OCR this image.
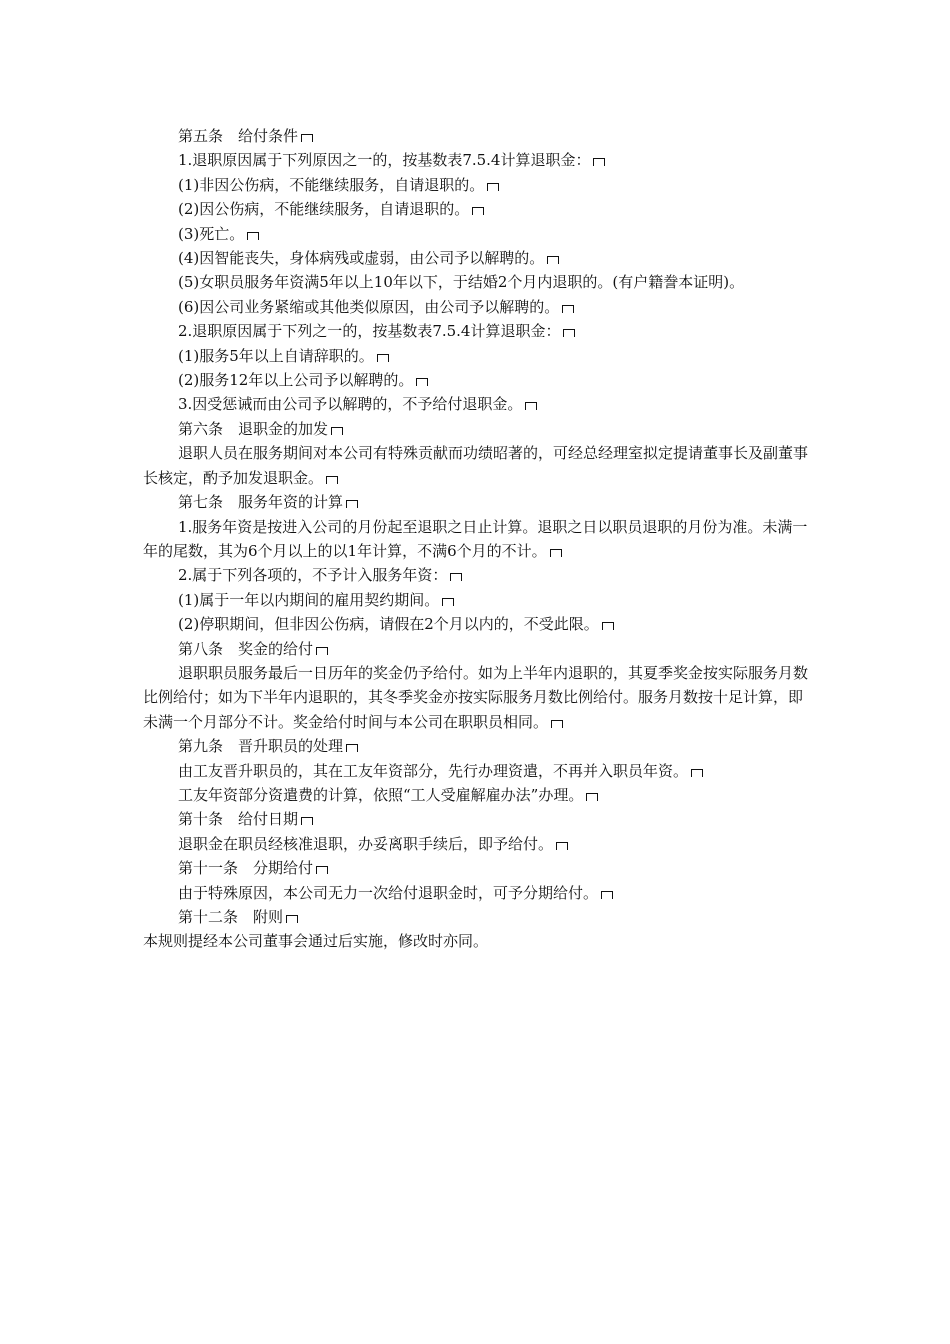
第五条　给付条件
1.退职原因属于下列原因之一的，按基数表7.5.4计算退职金：
(1)非因公伤病，不能继续服务，自请退职的。
(2)因公伤病，不能继续服务，自请退职的。
(3)死亡。
(4)因智能丧失，身体病残或虚弱，由公司予以解聘的。
(5)女职员服务年资满5年以上10年以下，于结婚2个月内退职的。(有户籍誊本证明)。
(6)因公司业务紧缩或其他类似原因，由公司予以解聘的。
2.退职原因属于下列之一的，按基数表7.5.4计算退职金：
(1)服务5年以上自请辞职的。
(2)服务12年以上公司予以解聘的。
3.因受惩诫而由公司予以解聘的，不予给付退职金。
第六条　退职金的加发
退职人员在服务期间对本公司有特殊贡献而功绩昭著的，可经总经理室拟定提请董事长及副董事长核定，酌予加发退职金。
第七条　服务年资的计算
1.服务年资是按进入公司的月份起至退职之日止计算。退职之日以职员退职的月份为准。未满一年的尾数，其为6个月以上的以1年计算，不满6个月的不计。
2.属于下列各项的，不予计入服务年资：
(1)属于一年以内期间的雇用契约期间。
(2)停职期间，但非因公伤病，请假在2个月以内的，不受此限。
第八条　奖金的给付
退职职员服务最后一日历年的奖金仍予给付。如为上半年内退职的，其夏季奖金按实际服务月数比例给付；如为下半年内退职的，其冬季奖金亦按实际服务月数比例给付。服务月数按十足计算，即未满一个月部分不计。奖金给付时间与本公司在职职员相同。
第九条　晋升职员的处理
由工友晋升职员的，其在工友年资部分，先行办理资遣，不再并入职员年资。
工友年资部分资遣费的计算，依照“工人受雇解雇办法”办理。
第十条　给付日期
退职金在职员经核准退职，办妥离职手续后，即予给付。
第十一条　分期给付
由于特殊原因，本公司无力一次给付退职金时，可予分期给付。
第十二条　附则
本规则提经本公司董事会通过后实施，修改时亦同。
